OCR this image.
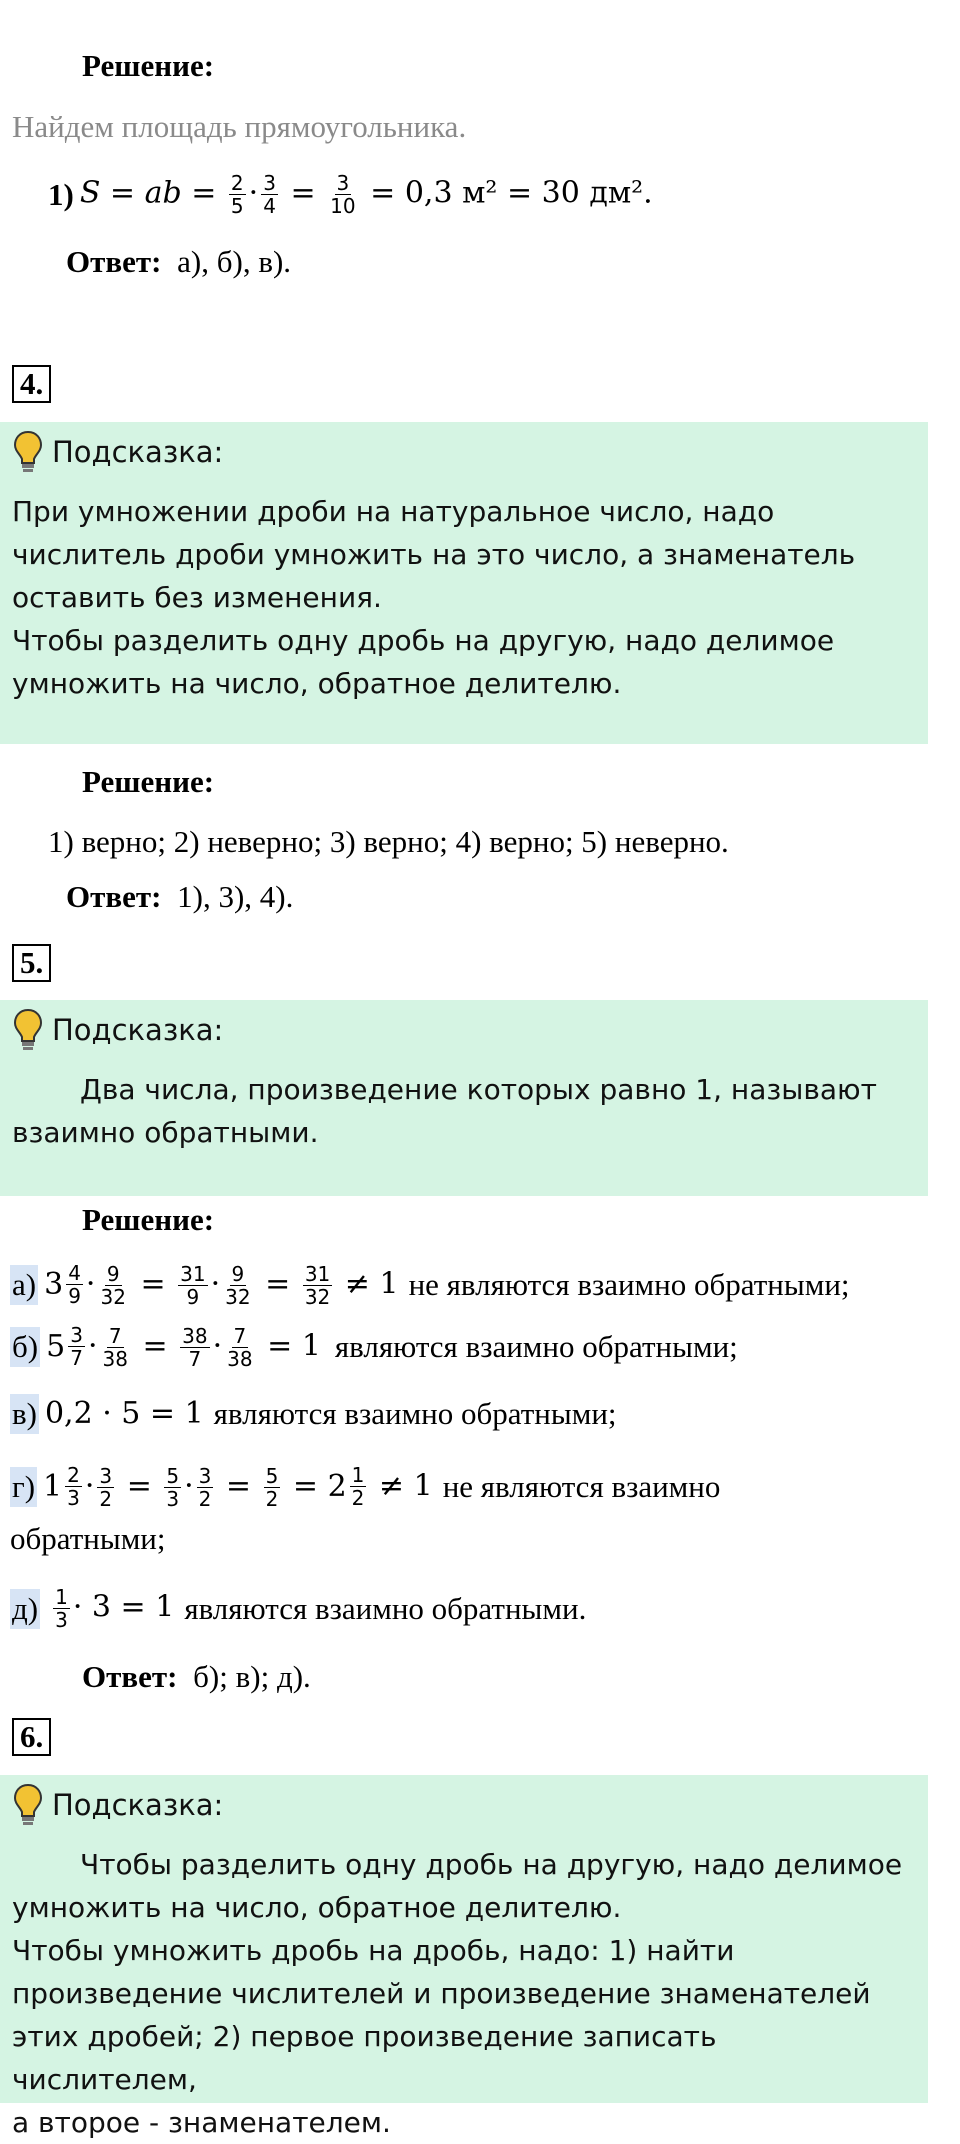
Решение:
Найдем площадь прямоугольника.
1) S = ab = $\frac{2}{5} \cdot \frac{3}{4} = \frac{3}{10} = 0,3$ м² = 30 дм².
Ответ: а), б), в).
4.
Подсказка:
При умножении дроби на натуральное число, надо
числитель дроби умножить на это число, а знаменатель
оставить без изменения.
Чтобы разделить одну дробь на другую, надо делимое
умножить на число, обратное делителю.
Решение:
1) верно; 2) неверно; 3) верно; 4) верно; 5) неверно.
Ответ: 1), 3), 4).
5.
Подсказка:
Два числа, произведение которых равно 1, называют
взаимно обратными.
Решение:
а) $3 \frac{4}{9} \cdot \frac{9}{32} = \frac{31}{9} \cdot \frac{9}{32} = \frac{31}{32} \ne 1$ не являются взаимно обратными;
б) $5 \frac{3}{7} \cdot \frac{7}{38} = \frac{38}{7} \cdot \frac{7}{38} = 1$ являются взаимно обратными;
в) 0,2 · 5 = 1 являются взаимно обратными;
г) $1 \frac{2}{3} \cdot \frac{3}{2} = \frac{5}{3} \cdot \frac{3}{2} = \frac{5}{2} = 2 \frac{1}{2} \ne 1$ не являются взаимно
обратными;
$д) \frac{1}{3} \cdot 3 = 1$ являются взаимно обратными.
Ответ: б); в); д).
6.
Подсказка:
Чтобы разделить одну дробь на другую, надо делимое
умножить на число, обратное делителю.
Чтобы умножить дробь на дробь, надо: 1) найти
произведение числителей и произведение знаменателей
этих дробей; 2) первое произведение записать числителем,
а второе - знаменателем.
